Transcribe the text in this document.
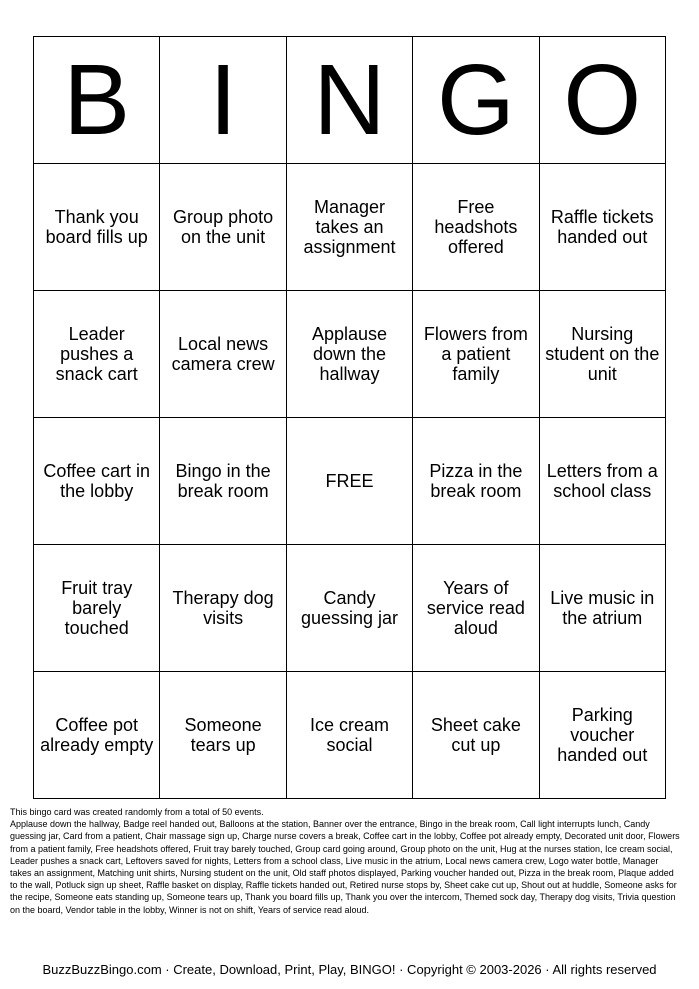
B	I	N	G	O
Thank you board fills up	Group photo on the unit	Manager takes an assignment	Free headshots offered	Raffle tickets handed out
Leader pushes a snack cart	Local news camera crew	Applause down the hallway	Flowers from a patient family	Nursing student on the unit
Coffee cart in the lobby	Bingo in the break room	FREE	Pizza in the break room	Letters from a school class
Fruit tray barely touched	Therapy dog visits	Candy guessing jar	Years of service read aloud	Live music in the atrium
Coffee pot already empty	Someone tears up	Ice cream social	Sheet cake cut up	Parking voucher handed out

This bingo card was created randomly from a total of 50 events.

Applause down the hallway, Badge reel handed out, Balloons at the station, Banner over the entrance, Bingo in the break room, Call light interrupts lunch, Candy guessing jar, Card from a patient, Chair massage sign up, Charge nurse covers a break, Coffee cart in the lobby, Coffee pot already empty, Decorated unit door, Flowers from a patient family, Free headshots offered, Fruit tray barely touched, Group card going around, Group photo on the unit, Hug at the nurses station, Ice cream social, Leader pushes a snack cart, Leftovers saved for nights, Letters from a school class, Live music in the atrium, Local news camera crew, Logo water bottle, Manager takes an assignment, Matching unit shirts, Nursing student on the unit, Old staff photos displayed, Parking voucher handed out, Pizza in the break room, Plaque added to the wall, Potluck sign up sheet, Raffle basket on display, Raffle tickets handed out, Retired nurse stops by, Sheet cake cut up, Shout out at huddle, Someone asks for the recipe, Someone eats standing up, Someone tears up, Thank you board fills up, Thank you over the intercom, Themed sock day, Therapy dog visits, Trivia question on the board, Vendor table in the lobby, Winner is not on shift, Years of service read aloud.

BuzzBuzzBingo.com · Create, Download, Print, Play, BINGO! · Copyright © 2003-2026 · All rights reserved
